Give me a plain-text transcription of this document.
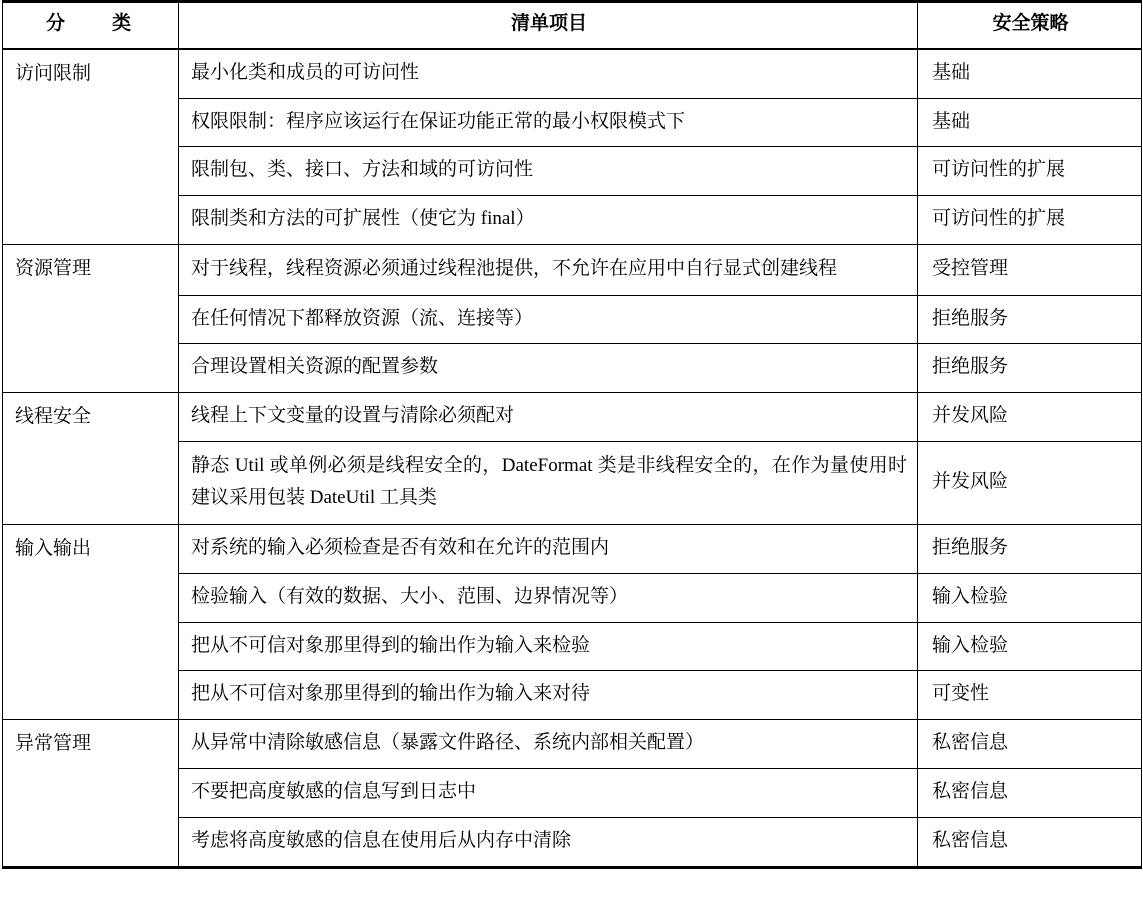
分　类	清单项目	安全策略
访问限制	最小化类和成员的可访问性	基础
	权限限制：程序应该运行在保证功能正常的最小权限模式下	基础
	限制包、类、接口、方法和域的可访问性	可访问性的扩展
	限制类和方法的可扩展性（使它为 final）	可访问性的扩展
资源管理	对于线程，线程资源必须通过线程池提供，不允许在应用中自行显式创建线程	受控管理
	在任何情况下都释放资源（流、连接等）	拒绝服务
	合理设置相关资源的配置参数	拒绝服务
线程安全	线程上下文变量的设置与清除必须配对	并发风险
	静态 Util 或单例必须是线程安全的，DateFormat 类是非线程安全的，在作为量使用时建议采用包装 DateUtil 工具类	并发风险
输入输出	对系统的输入必须检查是否有效和在允许的范围内	拒绝服务
	检验输入（有效的数据、大小、范围、边界情况等）	输入检验
	把从不可信对象那里得到的输出作为输入来检验	输入检验
	把从不可信对象那里得到的输出作为输入来对待	可变性
异常管理	从异常中清除敏感信息（暴露文件路径、系统内部相关配置）	私密信息
	不要把高度敏感的信息写到日志中	私密信息
	考虑将高度敏感的信息在使用后从内存中清除	私密信息
